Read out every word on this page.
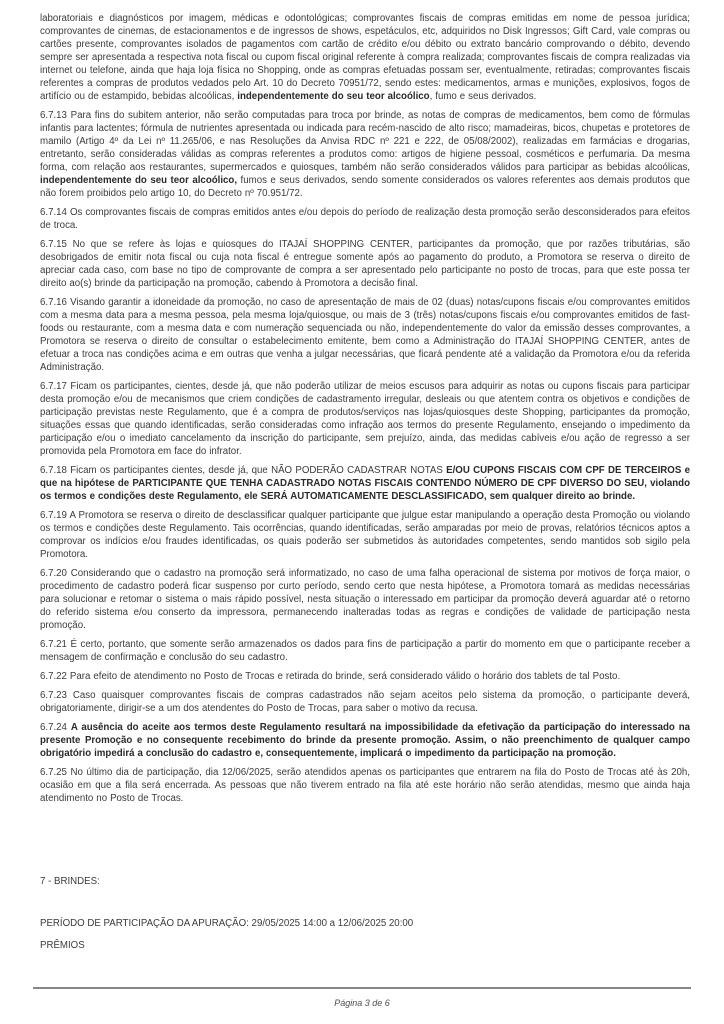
laboratoriais e diagnósticos por imagem, médicas e odontológicas; comprovantes fiscais de compras emitidas em nome de pessoa jurídica; comprovantes de cinemas, de estacionamentos e de ingressos de shows, espetáculos, etc, adquiridos no Disk Ingressos; Gift Card, vale compras ou cartões presente, comprovantes isolados de pagamentos com cartão de crédito e/ou débito ou extrato bancário comprovando o débito, devendo sempre ser apresentada a respectiva nota fiscal ou cupom fiscal original referente à compra realizada; comprovantes fiscais de compra realizadas via internet ou telefone, ainda que haja loja física no Shopping, onde as compras efetuadas possam ser, eventualmente, retiradas; comprovantes fiscais referentes a compras de produtos vedados pelo Art. 10 do Decreto 70951/72, sendo estes: medicamentos, armas e munições, explosivos, fogos de artifício ou de estampido, bebidas alcoólicas, independentemente do seu teor alcoólico, fumo e seus derivados.

6.7.13 Para fins do subitem anterior, não serão computadas para troca por brinde, as notas de compras de medicamentos, bem como de fórmulas infantis para lactentes; fórmula de nutrientes apresentada ou indicada para recém-nascido de alto risco; mamadeiras, bicos, chupetas e protetores de mamilo (Artigo 4º da Lei nº 11.265/06, e nas Resoluções da Anvisa RDC nº 221 e 222, de 05/08/2002), realizadas em farmácias e drogarias, entretanto, serão consideradas válidas as compras referentes a produtos como: artigos de higiene pessoal, cosméticos e perfumaria. Da mesma forma, com relação aos restaurantes, supermercados e quiosques, também não serão considerados válidos para participar as bebidas alcoólicas, independentemente do seu teor alcoólico, fumos e seus derivados, sendo somente considerados os valores referentes aos demais produtos que não forem proibidos pelo artigo 10, do Decreto nº 70.951/72.

6.7.14 Os comprovantes fiscais de compras emitidos antes e/ou depois do período de realização desta promoção serão desconsiderados para efeitos de troca.

6.7.15 No que se refere às lojas e quiosques do ITAJAÍ SHOPPING CENTER, participantes da promoção, que por razões tributárias, são desobrigados de emitir nota fiscal ou cuja nota fiscal é entregue somente após ao pagamento do produto, a Promotora se reserva o direito de apreciar cada caso, com base no tipo de comprovante de compra a ser apresentado pelo participante no posto de trocas, para que este possa ter direito ao(s) brinde da participação na promoção, cabendo à Promotora a decisão final.

6.7.16 Visando garantir a idoneidade da promoção, no caso de apresentação de mais de 02 (duas) notas/cupons fiscais e/ou comprovantes emitidos com a mesma data para a mesma pessoa, pela mesma loja/quiosque, ou mais de 3 (três) notas/cupons fiscais e/ou comprovantes emitidos de fast-foods ou restaurante, com a mesma data e com numeração sequenciada ou não, independentemente do valor da emissão desses comprovantes, a Promotora se reserva o direito de consultar o estabelecimento emitente, bem como a Administração do ITAJAÍ SHOPPING CENTER, antes de efetuar a troca nas condições acima e em outras que venha a julgar necessárias, que ficará pendente até a validação da Promotora e/ou da referida Administração.

6.7.17 Ficam os participantes, cientes, desde já, que não poderão utilizar de meios escusos para adquirir as notas ou cupons fiscais para participar desta promoção e/ou de mecanismos que criem condições de cadastramento irregular, desleais ou que atentem contra os objetivos e condições de participação previstas neste Regulamento, que é a compra de produtos/serviços nas lojas/quiosques deste Shopping, participantes da promoção, situações essas que quando identificadas, serão consideradas como infração aos termos do presente Regulamento, ensejando o impedimento da participação e/ou o imediato cancelamento da inscrição do participante, sem prejuízo, ainda, das medidas cabíveis e/ou ação de regresso a ser promovida pela Promotora em face do infrator.

6.7.18 Ficam os participantes cientes, desde já, que NÃO PODERÃO CADASTRAR NOTAS E/OU CUPONS FISCAIS COM CPF DE TERCEIROS e que na hipótese de PARTICIPANTE QUE TENHA CADASTRADO NOTAS FISCAIS CONTENDO NÚMERO DE CPF DIVERSO DO SEU, violando os termos e condições deste Regulamento, ele SERÁ AUTOMATICAMENTE DESCLASSIFICADO, sem qualquer direito ao brinde.

6.7.19 A Promotora se reserva o direito de desclassificar qualquer participante que julgue estar manipulando a operação desta Promoção ou violando os termos e condições deste Regulamento. Tais ocorrências, quando identificadas, serão amparadas por meio de provas, relatórios técnicos aptos a comprovar os indícios e/ou fraudes identificadas, os quais poderão ser submetidos às autoridades competentes, sendo mantidos sob sigilo pela Promotora.

6.7.20 Considerando que o cadastro na promoção será informatizado, no caso de uma falha operacional de sistema por motivos de força maior, o procedimento de cadastro poderá ficar suspenso por curto período, sendo certo que nesta hipótese, a Promotora tomará as medidas necessárias para solucionar e retomar o sistema o mais rápido possível, nesta situação o interessado em participar da promoção deverá aguardar até o retorno do referido sistema e/ou conserto da impressora, permanecendo inalteradas todas as regras e condições de validade de participação nesta promoção.

6.7.21 É certo, portanto, que somente serão armazenados os dados para fins de participação a partir do momento em que o participante receber a mensagem de confirmação e conclusão do seu cadastro.

6.7.22 Para efeito de atendimento no Posto de Trocas e retirada do brinde, será considerado válido o horário dos tablets de tal Posto.

6.7.23 Caso quaisquer comprovantes fiscais de compras cadastrados não sejam aceitos pelo sistema da promoção, o participante deverá, obrigatoriamente, dirigir-se a um dos atendentes do Posto de Trocas, para saber o motivo da recusa.

6.7.24 A ausência do aceite aos termos deste Regulamento resultará na impossibilidade da efetivação da participação do interessado na presente Promoção e no consequente recebimento do brinde da presente promoção. Assim, o não preenchimento de qualquer campo obrigatório impedirá a conclusão do cadastro e, consequentemente, implicará o impedimento da participação na promoção.

6.7.25 No último dia de participação, dia 12/06/2025, serão atendidos apenas os participantes que entrarem na fila do Posto de Trocas até às 20h, ocasião em que a fila será encerrada. As pessoas que não tiverem entrado na fila até este horário não serão atendidas, mesmo que ainda haja atendimento no Posto de Trocas.

7 - BRINDES:
PERÍODO DE PARTICIPAÇÃO DA APURAÇÃO: 29/05/2025 14:00 a 12/06/2025 20:00
PRÊMIOS
Página 3 de 6
